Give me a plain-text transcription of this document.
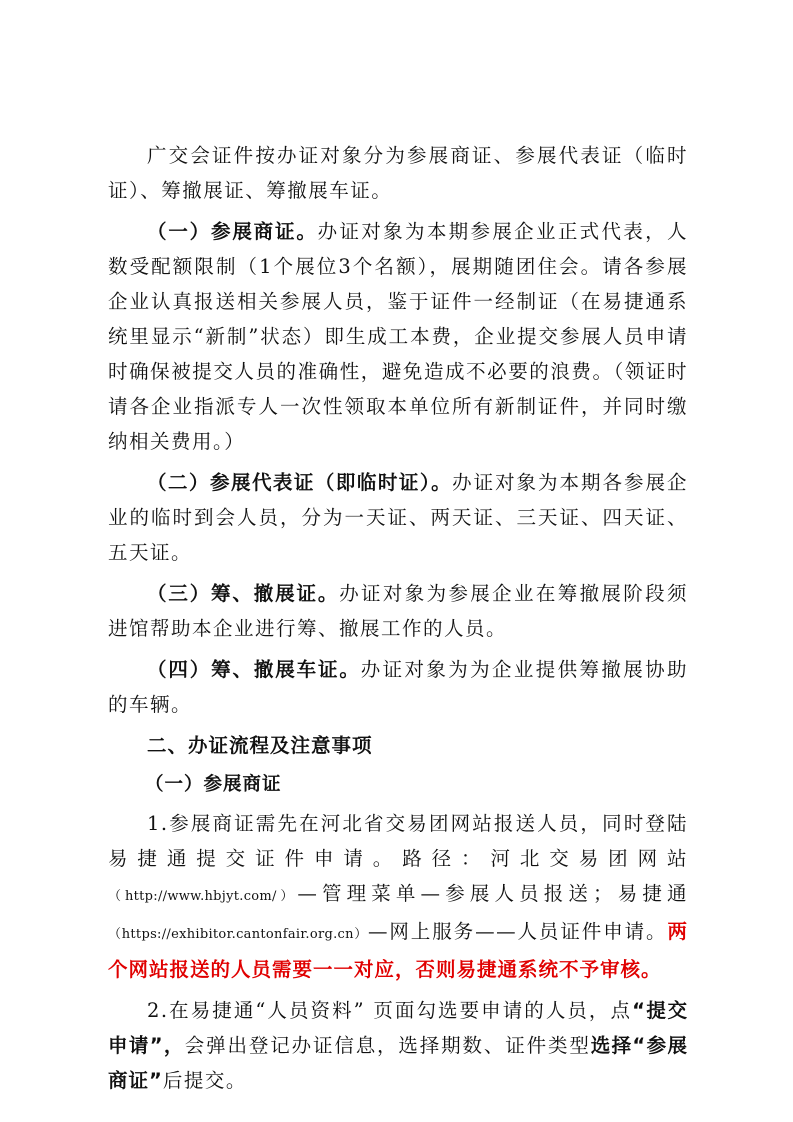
广交会证件按办证对象分为参展商证、参展代表证（临时证）、筹撤展证、筹撤展车证。

（一）参展商证。办证对象为本期参展企业正式代表，人数受配额限制（1个展位3个名额），展期随团住会。请各参展企业认真报送相关参展人员，鉴于证件一经制证（在易捷通系统里显示“新制”状态）即生成工本费，企业提交参展人员申请时确保被提交人员的准确性，避免造成不必要的浪费。（领证时请各企业指派专人一次性领取本单位所有新制证件，并同时缴纳相关费用。）

（二）参展代表证（即临时证）。办证对象为本期各参展企业的临时到会人员，分为一天证、两天证、三天证、四天证、五天证。

（三）筹、撤展证。办证对象为参展企业在筹撤展阶段须进馆帮助本企业进行筹、撤展工作的人员。

（四）筹、撤展车证。办证对象为为企业提供筹撤展协助的车辆。

二、办证流程及注意事项
（一）参展商证

1.参展商证需先在河北省交易团网站报送人员，同时登陆易捷通提交证件申请。路径：河北交易团网站（http://www.hbjyt.com/）—管理菜单—参展人员报送；易捷通（https://exhibitor.cantonfair.org.cn）—网上服务——人员证件申请。两个网站报送的人员需要一一对应，否则易捷通系统不予审核。

2.在易捷通“人员资料” 页面勾选要申请的人员，点“提交申请”，会弹出登记办证信息，选择期数、证件类型选择“参展商证”后提交。
